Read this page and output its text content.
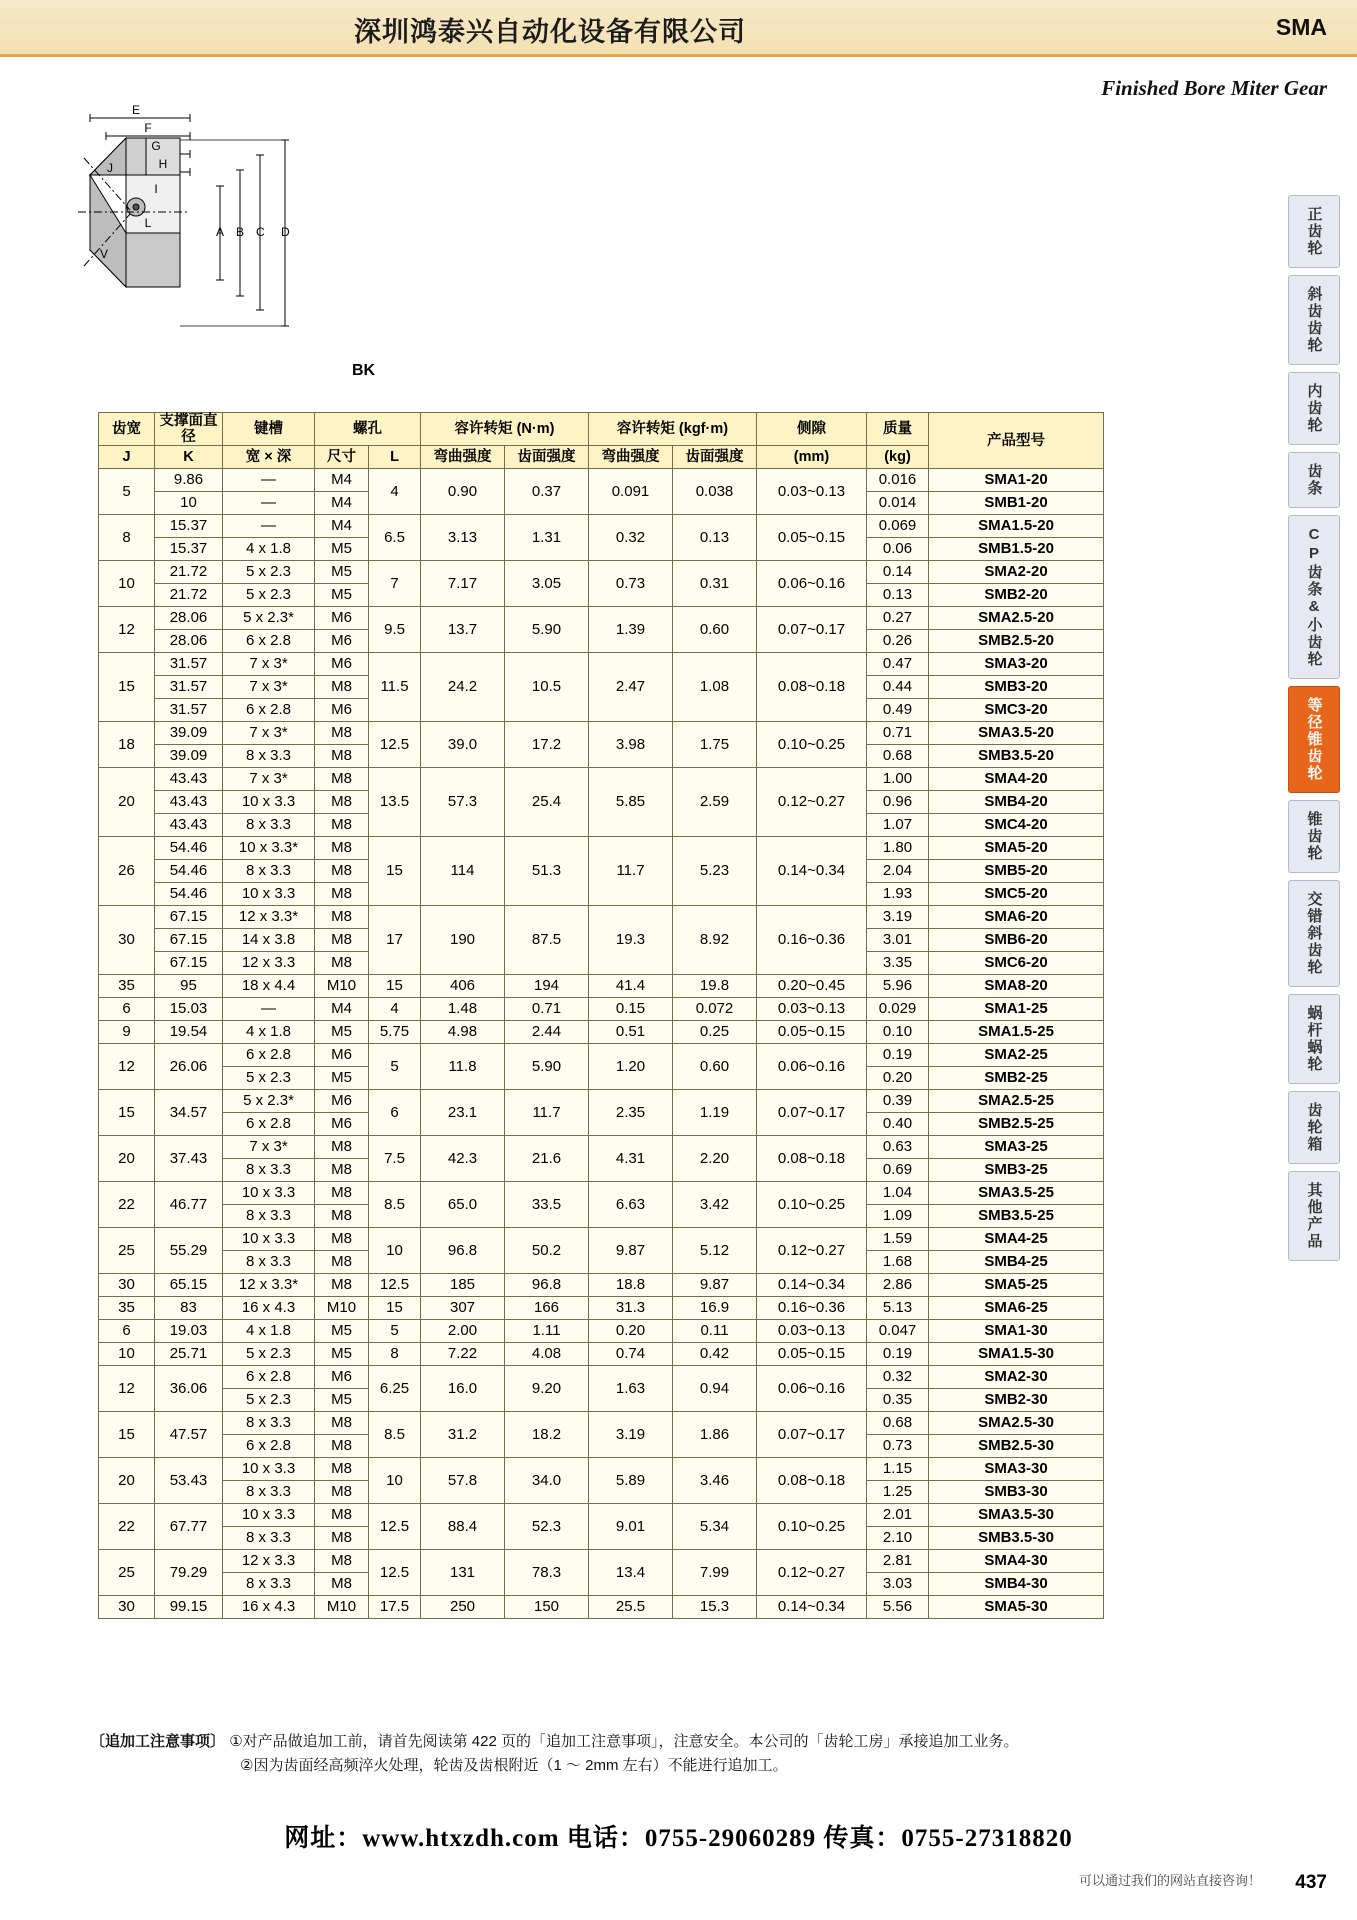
深圳鸿泰兴自动化设备有限公司	SMA
Finished Bore Miter Gear
E
F
G
H
I
J
L
A B C D
V
BK
正齿轮
斜齿齿轮
内齿轮
齿条
CP齿条&小齿轮
等径锥齿轮
锥齿轮
交错斜齿轮
蜗杆蜗轮
齿轮箱
其他产品
齿宽	支撑面直径	键槽	螺孔		容许转矩 (N·m)		容许转矩 (kgf·m)		侧隙	质量	产品型号
J	K	宽 × 深	尺寸	L	弯曲强度	齿面强度	弯曲强度	齿面强度	(mm)	(kg)	
5	9.86	—	M4	4	0.90	0.37	0.091	0.038	0.03~0.13	0.016	SMA1-20
	10	—	M4							0.014	SMB1-20
8	15.37	—	M4	6.5	3.13	1.31	0.32	0.13	0.05~0.15	0.069	SMA1.5-20
	15.37	4 x 1.8	M5							0.06	SMB1.5-20
10	21.72	5 x 2.3	M5	7	7.17	3.05	0.73	0.31	0.06~0.16	0.14	SMA2-20
	21.72	5 x 2.3	M5							0.13	SMB2-20
12	28.06	5 x 2.3*	M6	9.5	13.7	5.90	1.39	0.60	0.07~0.17	0.27	SMA2.5-20
	28.06	6 x 2.8	M6							0.26	SMB2.5-20
15	31.57	7 x 3*	M6	11.5	24.2	10.5	2.47	1.08	0.08~0.18	0.47	SMA3-20
	31.57	7 x 3*	M8							0.44	SMB3-20
	31.57	6 x 2.8	M6							0.49	SMC3-20
18	39.09	7 x 3*	M8	12.5	39.0	17.2	3.98	1.75	0.10~0.25	0.71	SMA3.5-20
	39.09	8 x 3.3	M8							0.68	SMB3.5-20
20	43.43	7 x 3*	M8	13.5	57.3	25.4	5.85	2.59	0.12~0.27	1.00	SMA4-20
	43.43	10 x 3.3	M8							0.96	SMB4-20
	43.43	8 x 3.3	M8							1.07	SMC4-20
26	54.46	10 x 3.3*	M8	15	114	51.3	11.7	5.23	0.14~0.34	1.80	SMA5-20
	54.46	8 x 3.3	M8							2.04	SMB5-20
	54.46	10 x 3.3	M8							1.93	SMC5-20
30	67.15	12 x 3.3*	M8	17	190	87.5	19.3	8.92	0.16~0.36	3.19	SMA6-20
	67.15	14 x 3.8	M8							3.01	SMB6-20
	67.15	12 x 3.3	M8							3.35	SMC6-20
35	95	18 x 4.4	M10	15	406	194	41.4	19.8	0.20~0.45	5.96	SMA8-20
6	15.03	—	M4	4	1.48	0.71	0.15	0.072	0.03~0.13	0.029	SMA1-25
9	19.54	4 x 1.8	M5	5.75	4.98	2.44	0.51	0.25	0.05~0.15	0.10	SMA1.5-25
12	26.06	6 x 2.8	M6	5	11.8	5.90	1.20	0.60	0.06~0.16	0.19	SMA2-25
		5 x 2.3	M5							0.20	SMB2-25
15	34.57	5 x 2.3*	M6	6	23.1	11.7	2.35	1.19	0.07~0.17	0.39	SMA2.5-25
		6 x 2.8	M6							0.40	SMB2.5-25
20	37.43	7 x 3*	M8	7.5	42.3	21.6	4.31	2.20	0.08~0.18	0.63	SMA3-25
		8 x 3.3	M8							0.69	SMB3-25
22	46.77	10 x 3.3	M8	8.5	65.0	33.5	6.63	3.42	0.10~0.25	1.04	SMA3.5-25
		8 x 3.3	M8							1.09	SMB3.5-25
25	55.29	10 x 3.3	M8	10	96.8	50.2	9.87	5.12	0.12~0.27	1.59	SMA4-25
		8 x 3.3	M8							1.68	SMB4-25
30	65.15	12 x 3.3*	M8	12.5	185	96.8	18.8	9.87	0.14~0.34	2.86	SMA5-25
35	83	16 x 4.3	M10	15	307	166	31.3	16.9	0.16~0.36	5.13	SMA6-25
6	19.03	4 x 1.8	M5	5	2.00	1.11	0.20	0.11	0.03~0.13	0.047	SMA1-30
10	25.71	5 x 2.3	M5	8	7.22	4.08	0.74	0.42	0.05~0.15	0.19	SMA1.5-30
12	36.06	6 x 2.8	M6	6.25	16.0	9.20	1.63	0.94	0.06~0.16	0.32	SMA2-30
		5 x 2.3	M5							0.35	SMB2-30
15	47.57	8 x 3.3	M8	8.5	31.2	18.2	3.19	1.86	0.07~0.17	0.68	SMA2.5-30
		6 x 2.8	M8							0.73	SMB2.5-30
20	53.43	10 x 3.3	M8	10	57.8	34.0	5.89	3.46	0.08~0.18	1.15	SMA3-30
		8 x 3.3	M8							1.25	SMB3-30
22	67.77	10 x 3.3	M8	12.5	88.4	52.3	9.01	5.34	0.10~0.25	2.01	SMA3.5-30
		8 x 3.3	M8							2.10	SMB3.5-30
25	79.29	12 x 3.3	M8	12.5	131	78.3	13.4	7.99	0.12~0.27	2.81	SMA4-30
		8 x 3.3	M8							3.03	SMB4-30
30	99.15	16 x 4.3	M10	17.5	250	150	25.5	15.3	0.14~0.34	5.56	SMA5-30
〔追加工注意事项〕 ①对产品做追加工前，请首先阅读第 422 页的「追加工注意事项」，注意安全。本公司的「齿轮工房」承接追加工业务。
②因为齿面经高频淬火处理，轮齿及齿根附近（1 ～ 2mm 左右）不能进行追加工。
网址：www.htxzdh.com 电话：0755-29060289 传真：0755-27318820
可以通过我们的网站直接咨询！	437
